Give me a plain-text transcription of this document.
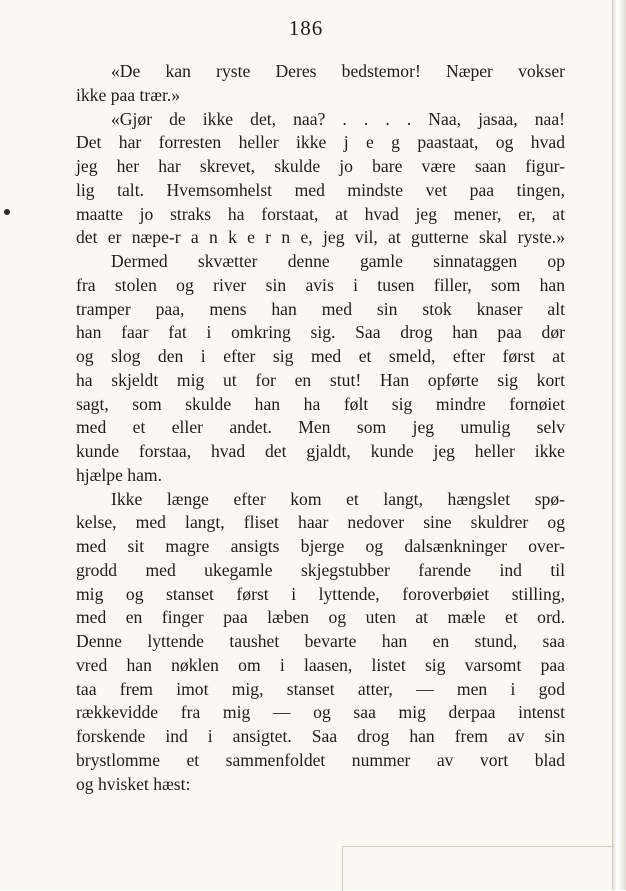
186
«De kan ryste Deres bedstemor! Næper vokser
ikke paa trær.»
«Gjør de ikke det, naa? . . . . Naa, jasaa, naa!
Det har forresten heller ikke j e g paastaat, og hvad
jeg her har skrevet, skulde jo bare være saan figur-
lig talt. Hvemsomhelst med mindste vet paa tingen,
maatte jo straks ha forstaat, at hvad jeg mener, er, at
det er næpe-r a n k e r n e, jeg vil, at gutterne skal ryste.»
Dermed skvætter denne gamle sinnataggen op
fra stolen og river sin avis i tusen filler, som han
tramper paa, mens han med sin stok knaser alt
han faar fat i omkring sig. Saa drog han paa dør
og slog den i efter sig med et smeld, efter først at
ha skjeldt mig ut for en stut! Han opførte sig kort
sagt, som skulde han ha følt sig mindre fornøiet
med et eller andet. Men som jeg umulig selv
kunde forstaa, hvad det gjaldt, kunde jeg heller ikke
hjælpe ham.
Ikke længe efter kom et langt, hængslet spø-
kelse, med langt, fliset haar nedover sine skuldrer og
med sit magre ansigts bjerge og dalsænkninger over-
grodd med ukegamle skjegstubber farende ind til
mig og stanset først i lyttende, foroverbøiet stilling,
med en finger paa læben og uten at mæle et ord.
Denne lyttende taushet bevarte han en stund, saa
vred han nøklen om i laasen, listet sig varsomt paa
taa frem imot mig, stanset atter, — men i god
rækkevidde fra mig — og saa mig derpaa intenst
forskende ind i ansigtet. Saa drog han frem av sin
brystlomme et sammenfoldet nummer av vort blad
og hvisket hæst:
